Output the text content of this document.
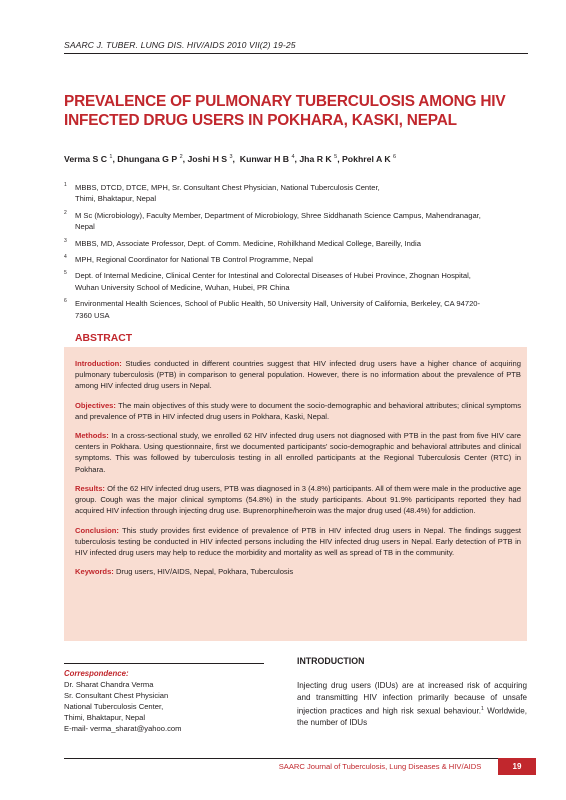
SAARC J. TUBER. LUNG DIS. HIV/AIDS 2010 VII(2) 19-25
PREVALENCE OF PULMONARY TUBERCULOSIS AMONG HIV INFECTED DRUG USERS IN POKHARA, KASKI, NEPAL
Verma S C $^1$, Dhungana G P $^2$, Joshi H S $^3$,  Kunwar H B $^4$, Jha R K $^5$, Pokhrel A K $^6$
1 MBBS, DTCD, DTCE, MPH, Sr. Consultant Chest Physician, National Tuberculosis Center,
Thimi, Bhaktapur, Nepal
2 M Sc (Microbiology), Faculty Member, Department of Microbiology, Shree Siddhanath Science Campus, Mahendranagar,
Nepal
3 MBBS, MD, Associate Professor, Dept. of Comm. Medicine, Rohilkhand Medical College, Bareilly, India
4 MPH, Regional Coordinator for National TB Control Programme, Nepal
5 Dept. of Internal Medicine, Clinical Center for Intestinal and Colorectal Diseases of Hubei Province, Zhognan Hospital,
Wuhan University School of Medicine, Wuhan, Hubei, PR China
6 Environmental Health Sciences, School of Public Health, 50 University Hall, University of California, Berkeley, CA 94720-
7360 USA
ABSTRACT

Introduction: Studies conducted in different countries suggest that HIV infected drug users have a higher chance of acquiring pulmonary tuberculosis (PTB) in comparison to general population. However, there is no information about the prevalence of PTB among HIV infected drug users in Nepal.

Objectives: The main objectives of this study were to document the socio-demographic and behavioral attributes; clinical symptoms and prevalence of PTB in HIV infected drug users in Pokhara, Kaski, Nepal.

Methods: In a cross-sectional study, we enrolled 62 HIV infected drug users not diagnosed with PTB in the past from five HIV care centers in Pokhara. Using questionnaire, first we documented participants' socio-demographic and behavioral attributes and clinical symptoms. This was followed by tuberculosis testing in all enrolled participants at the Regional Tuberculosis Center (RTC) in Pokhara.

Results: Of the 62 HIV infected drug users, PTB was diagnosed in 3 (4.8%) participants. All of them were male in the productive age group. Cough was the major clinical symptoms (54.8%) in the study participants. About 91.9% participants reported they had acquired HIV infection through injecting drug use. Buprenorphine/heroin was the major drug used (48.4%) for addiction.

Conclusion: This study provides first evidence of prevalence of PTB in HIV infected drug users in Nepal. The findings suggest tuberculosis testing be conducted in HIV infected persons including the HIV infected drug users in Nepal. Early detection of PTB in HIV infected drug users may help to reduce the morbidity and mortality as well as spread of TB in the community.

Keywords: Drug users, HIV/AIDS, Nepal, Pokhara, Tuberculosis

Correspondence:
Dr. Sharat Chandra Verma
Sr. Consultant Chest Physician
National Tuberculosis Center,
Thimi, Bhaktapur, Nepal
E-mail- verma_sharat@yahoo.com
INTRODUCTION
Injecting drug users (IDUs) are at increased risk of acquiring and transmitting HIV infection primarily because of unsafe injection practices and high risk sexual behaviour.$^1$ Worldwide, the number of IDUs
SAARC Journal of Tuberculosis, Lung Diseases & HIV/AIDS	19
